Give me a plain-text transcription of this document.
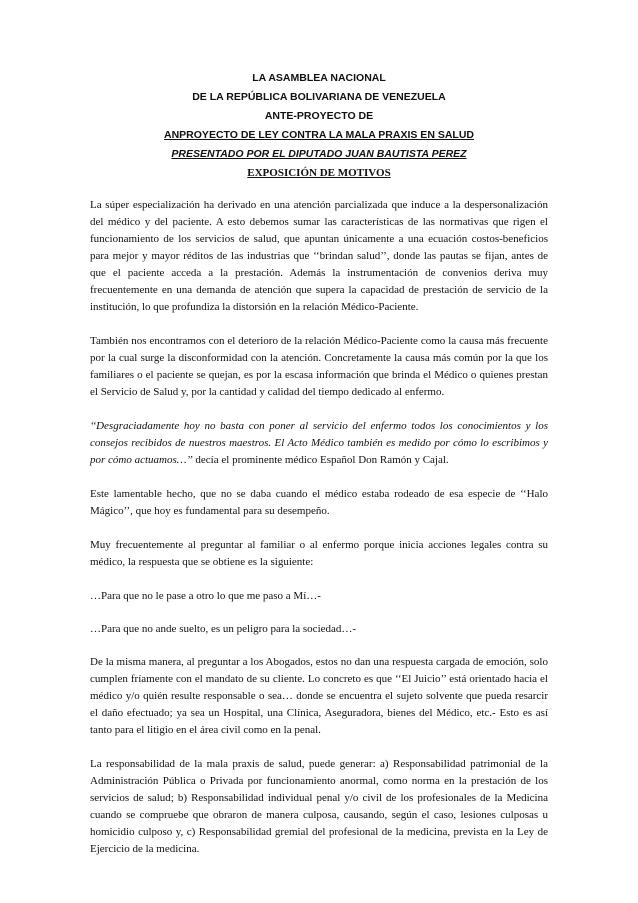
LA ASAMBLEA NACIONAL
DE LA REPÚBLICA BOLIVARIANA DE VENEZUELA
ANTE-PROYECTO DE
ANPROYECTO DE LEY CONTRA LA MALA PRAXIS EN SALUD
PRESENTADO POR EL DIPUTADO JUAN BAUTISTA PEREZ
EXPOSICIÓN DE MOTIVOS

La súper especialización ha derivado en una atención parcializada que induce a la despersonalización del médico y del paciente. A esto debemos sumar las características de las normativas que rigen el funcionamiento de los servicios de salud, que apuntan únicamente a una ecuación costos-beneficios para mejor y mayor réditos de las industrias que ‘‘brindan salud’’, donde las pautas se fijan, antes de que el paciente acceda a la prestación. Además la instrumentación de convenios deriva muy frecuentemente en una demanda de atención que supera la capacidad de prestación de servicio de la institución, lo que profundiza la distorsión en la relación Médico-Paciente.

También nos encontramos con el deterioro de la relación Médico-Paciente como la causa más frecuente por la cual surge la disconformidad con la atención. Concretamente la causa más común por la que los familiares o el paciente se quejan, es por la escasa información que brinda el Médico o quienes prestan el Servicio de Salud y, por la cantidad y calidad del tiempo dedicado al enfermo.

‘‘Desgraciadamente hoy no basta con poner al servicio del enfermo todos los conocimientos y los consejos recibidos de nuestros maestros. El Acto Médico también es medido por cómo lo escribimos y por cómo actuamos…’’ decía el prominente médico Español Don Ramón y Cajal.

Este lamentable hecho, que no se daba cuando el médico estaba rodeado de esa especie de ‘‘Halo Mágico’’, que hoy es fundamental para su desempeño.

Muy frecuentemente al preguntar al familiar o al enfermo porque inicia acciones legales contra su médico, la respuesta que se obtiene es la siguiente:

…Para que no le pase a otro lo que me paso a Mí…-

…Para que no ande suelto, es un peligro para la sociedad…-

De la misma manera, al preguntar a los Abogados, estos no dan una respuesta cargada de emoción, solo cumplen fríamente con el mandato de su cliente. Lo concreto es que ‘‘El Juicio’’ está orientado hacia el médico y/o quién resulte responsable o sea… donde se encuentra el sujeto solvente que pueda resarcir el daño efectuado; ya sea un Hospital, una Clínica, Aseguradora, bienes del Médico, etc.- Esto es así tanto para el litigio en el área civil como en la penal.

La responsabilidad de la mala praxis de salud, puede generar: a) Responsabilidad patrimonial de la Administración Pública o Privada por funcionamiento anormal, como norma en la prestación de los servicios de salud; b) Responsabilidad individual penal y/o civil de los profesionales de la Medicina cuando se compruebe que obraron de manera culposa, causando, según el caso, lesiones culposas u homicidio culposo y, c) Responsabilidad gremial del profesional de la medicina, prevista en la Ley de Ejercicio de la medicina.
